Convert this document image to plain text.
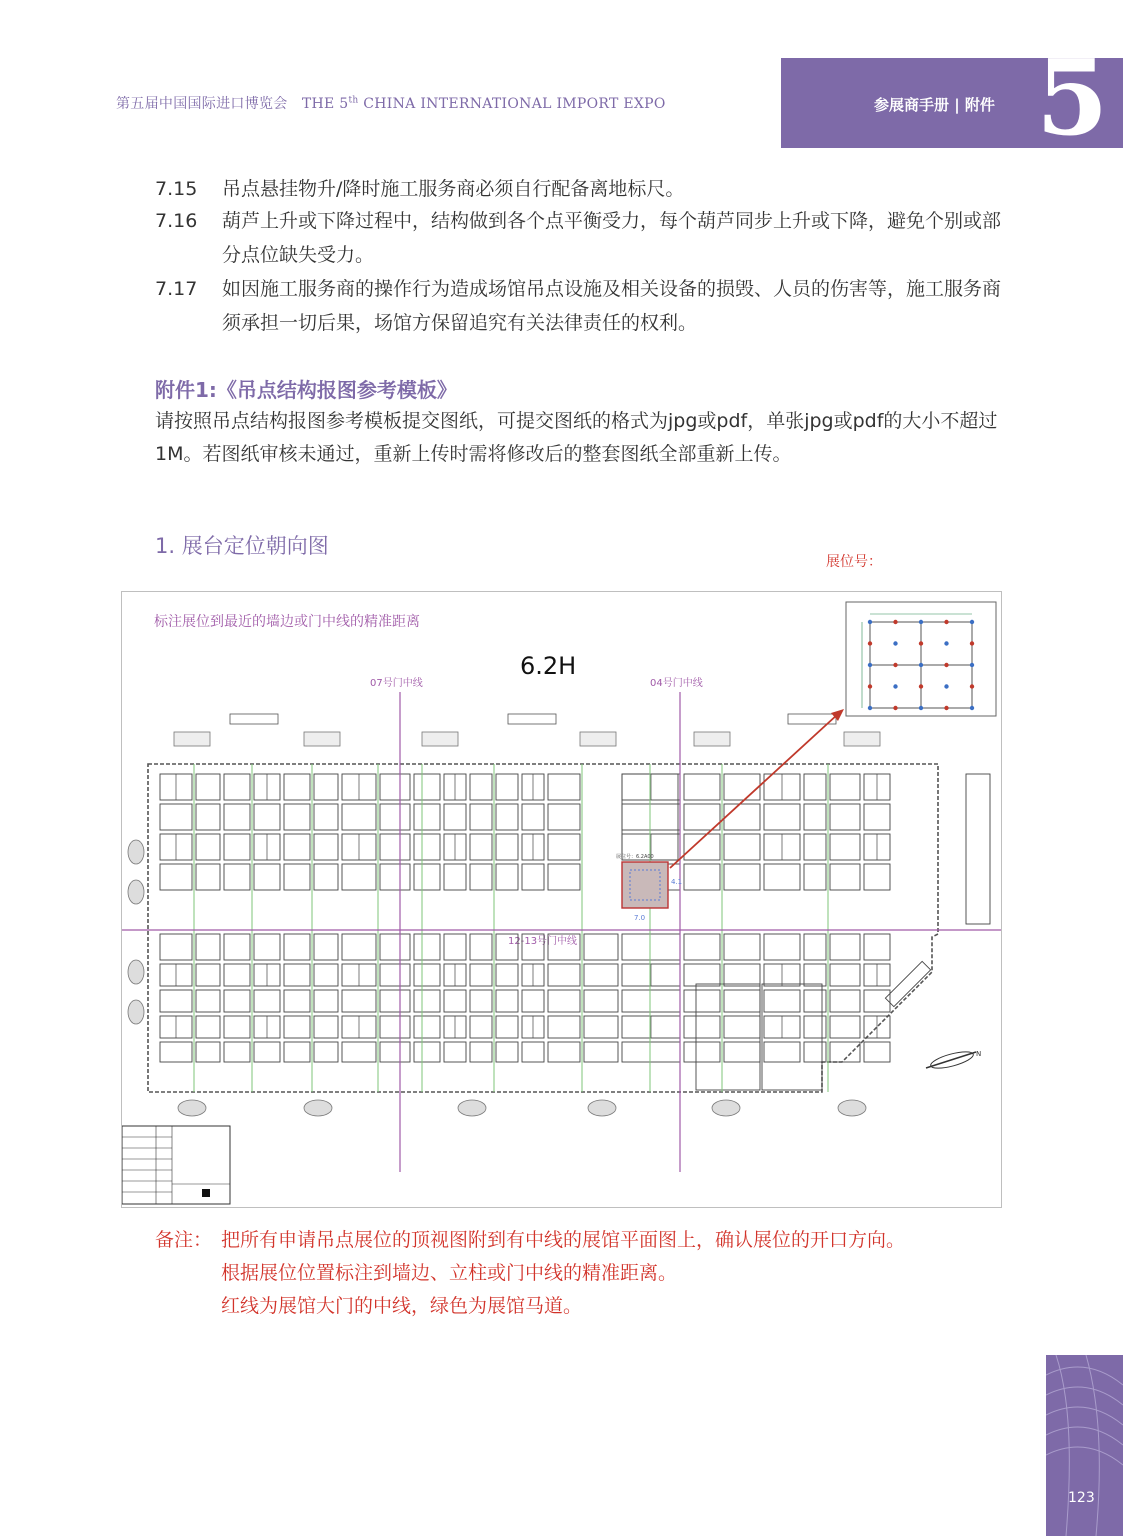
第五届中国国际进口博览会 THE 5th CHINA INTERNATIONAL IMPORT EXPO	参展商手册 | 附件 5
7.15 吊点悬挂物升/降时施工服务商必须自行配备离地标尺。
7.16 葫芦上升或下降过程中，结构做到各个点平衡受力，每个葫芦同步上升或下降，避免个别或部分点位缺失受力。
7.17 如因施工服务商的操作行为造成场馆吊点设施及相关设备的损毁、人员的伤害等，施工服务商须承担一切后果，场馆方保留追究有关法律责任的权利。
附件1:《吊点结构报图参考模板》
请按照吊点结构报图参考模板提交图纸，可提交图纸的格式为jpg或pdf，单张jpg或pdf的大小不超过1M。若图纸审核未通过，重新上传时需将修改后的整套图纸全部重新上传。
1. 展台定位朝向图
展位号：
标注展位到最近的墙边或门中线的精准距离
6.2H
07号门中线	04号门中线
12-13号门中线
展位号：6.2A00
4.1
7.0
N
备注： 把所有申请吊点展位的顶视图附到有中线的展馆平面图上，确认展位的开口方向。
根据展位位置标注到墙边、立柱或门中线的精准距离。
红线为展馆大门的中线，绿色为展馆马道。
123
